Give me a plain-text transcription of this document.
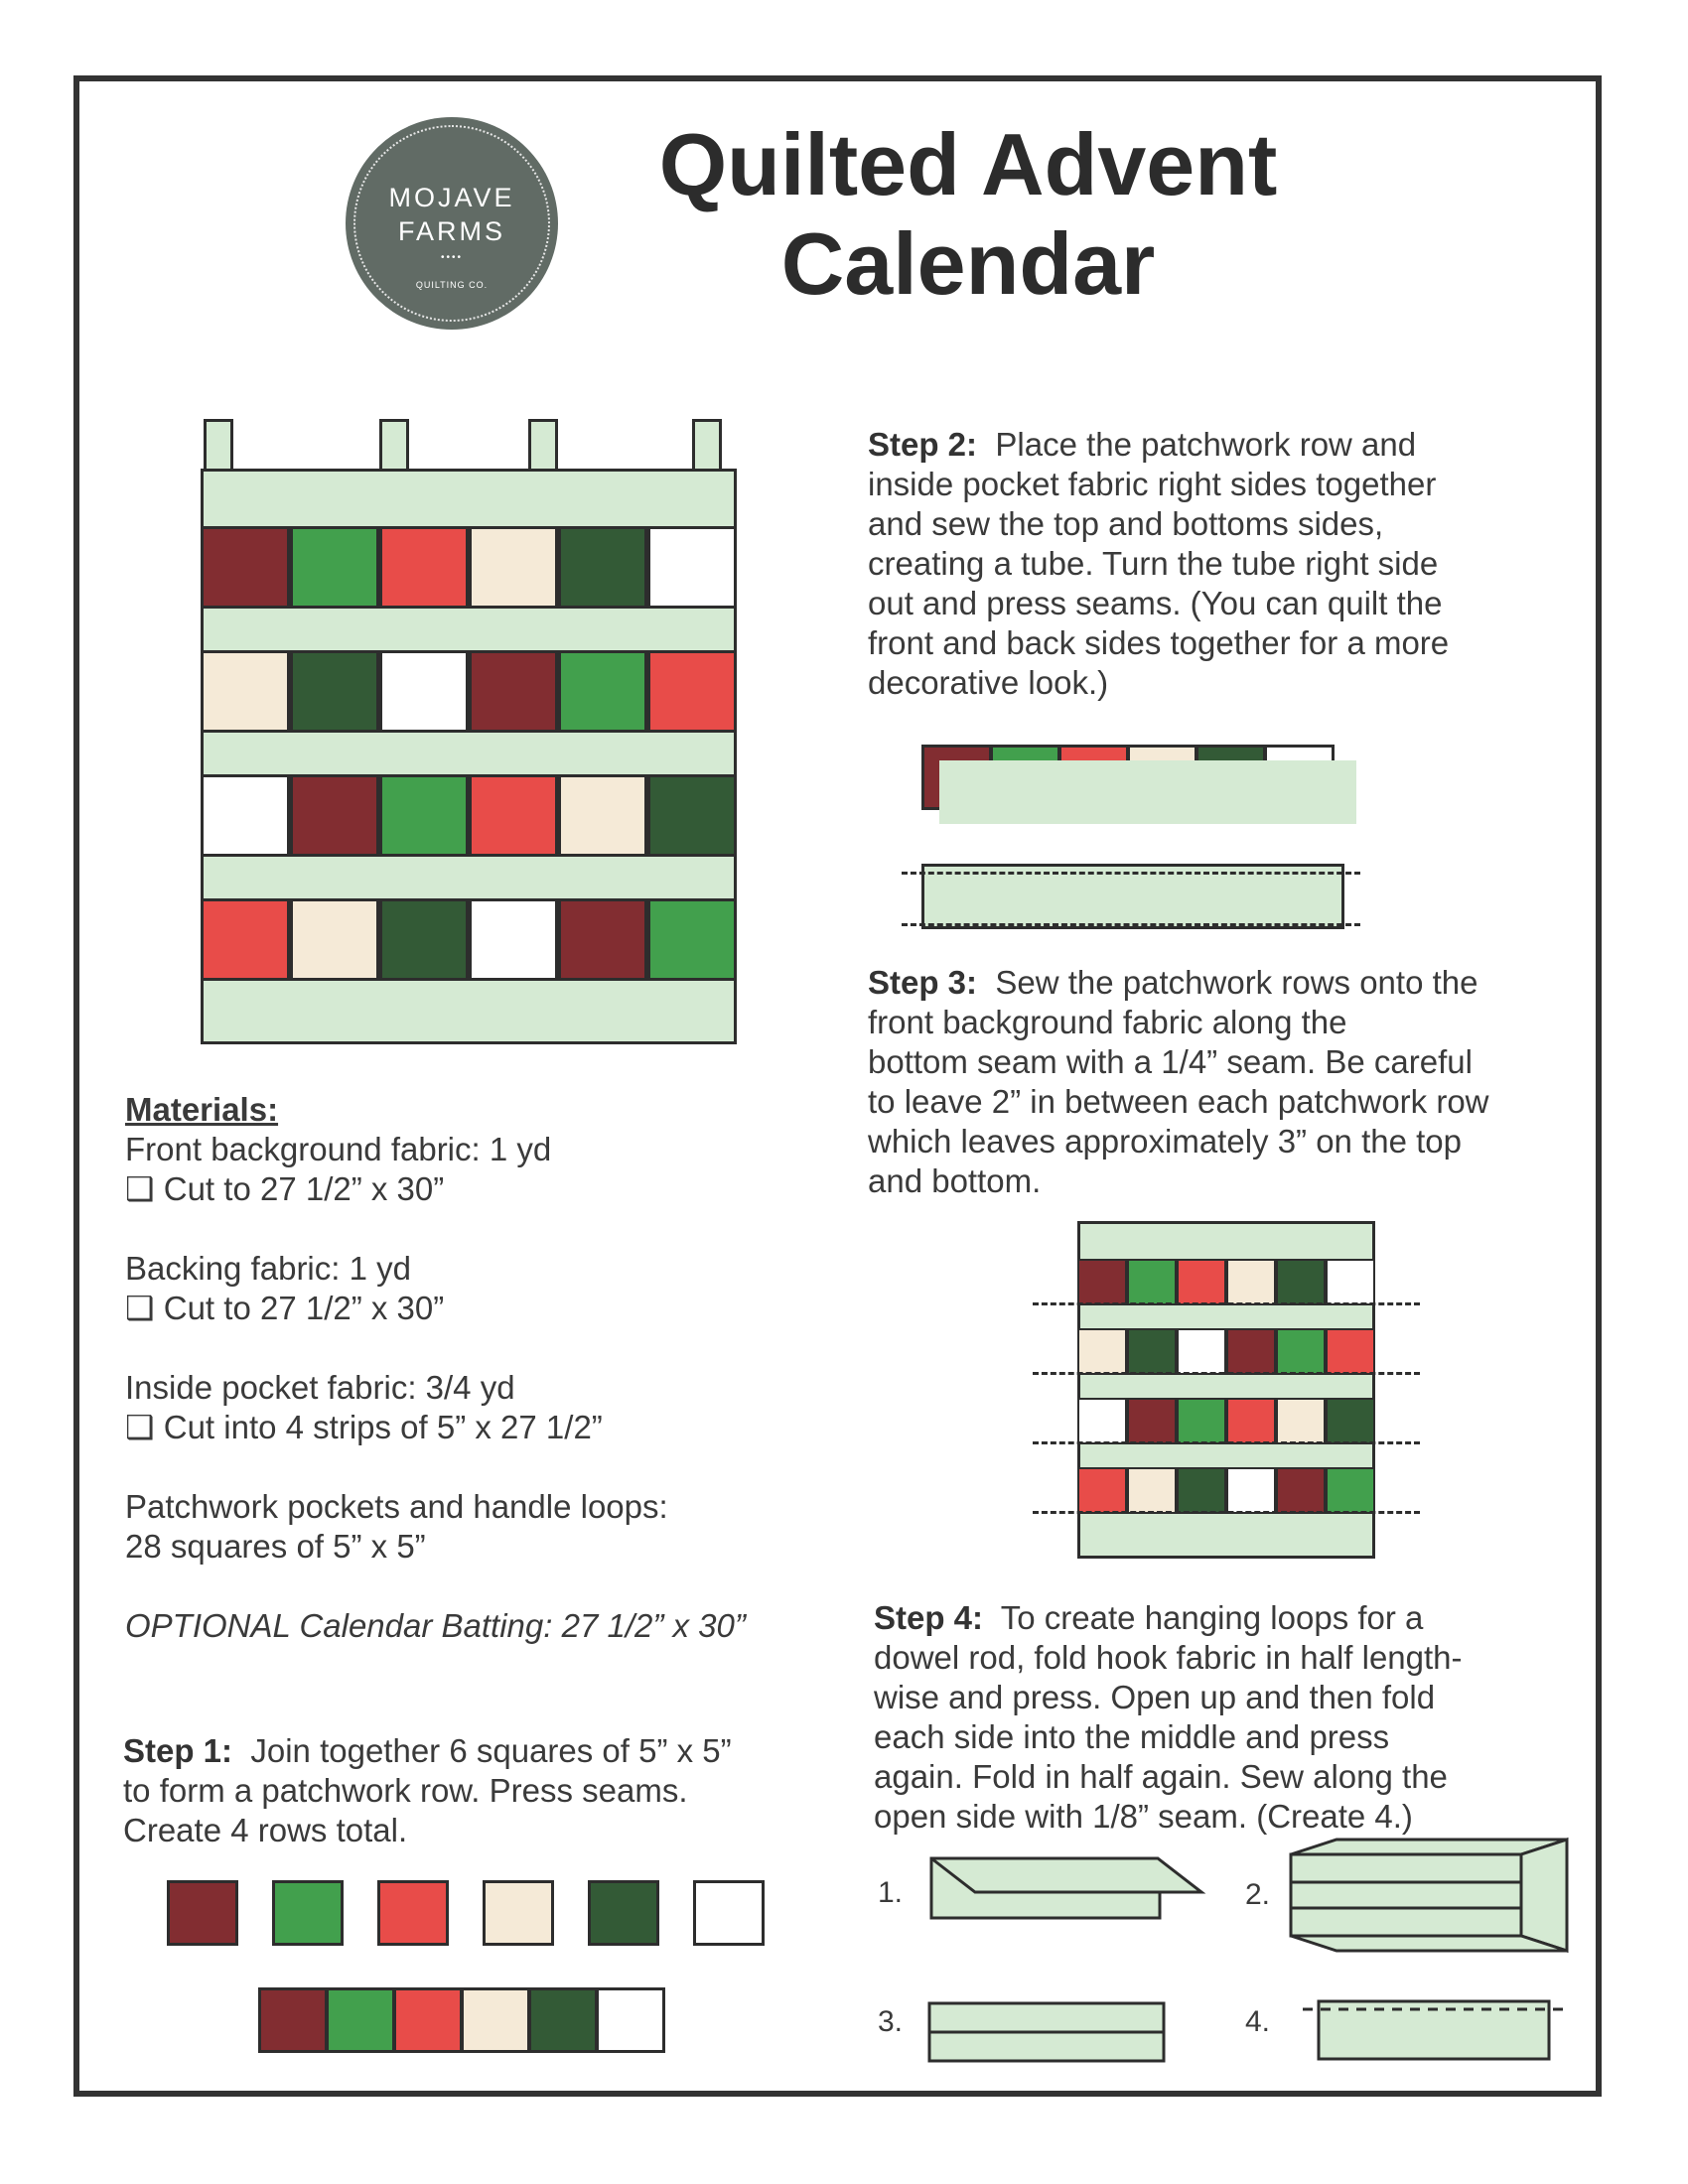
MOJAVE
FARMS
••••
QUILTING CO.
Quilted Advent
Calendar
Materials:
Front background fabric: 1 yd
❑ Cut to 27 1/2” x 30”
Backing fabric: 1 yd
❑ Cut to 27 1/2” x 30”
Inside pocket fabric: 3/4 yd
❑ Cut into 4 strips of 5” x 27 1/2”
Patchwork pockets and handle loops:
28 squares of 5” x 5”
OPTIONAL Calendar Batting: 27 1/2” x 30”
Step 1: Join together 6 squares of 5” x 5”
to form a patchwork row. Press seams.
Create 4 rows total.
Step 2: Place the patchwork row and
inside pocket fabric right sides together
and sew the top and bottoms sides,
creating a tube. Turn the tube right side
out and press seams. (You can quilt the
front and back sides together for a more
decorative look.)
Step 3: Sew the patchwork rows onto the
front background fabric along the
bottom seam with a 1/4” seam. Be careful
to leave 2” in between each patchwork row
which leaves approximately 3” on the top
and bottom.
Step 4: To create hanging loops for a
dowel rod, fold hook fabric in half length-
wise and press. Open up and then fold
each side into the middle and press
again. Fold in half again. Sew along the
open side with 1/8” seam. (Create 4.)
1.	2.
3.	4.
